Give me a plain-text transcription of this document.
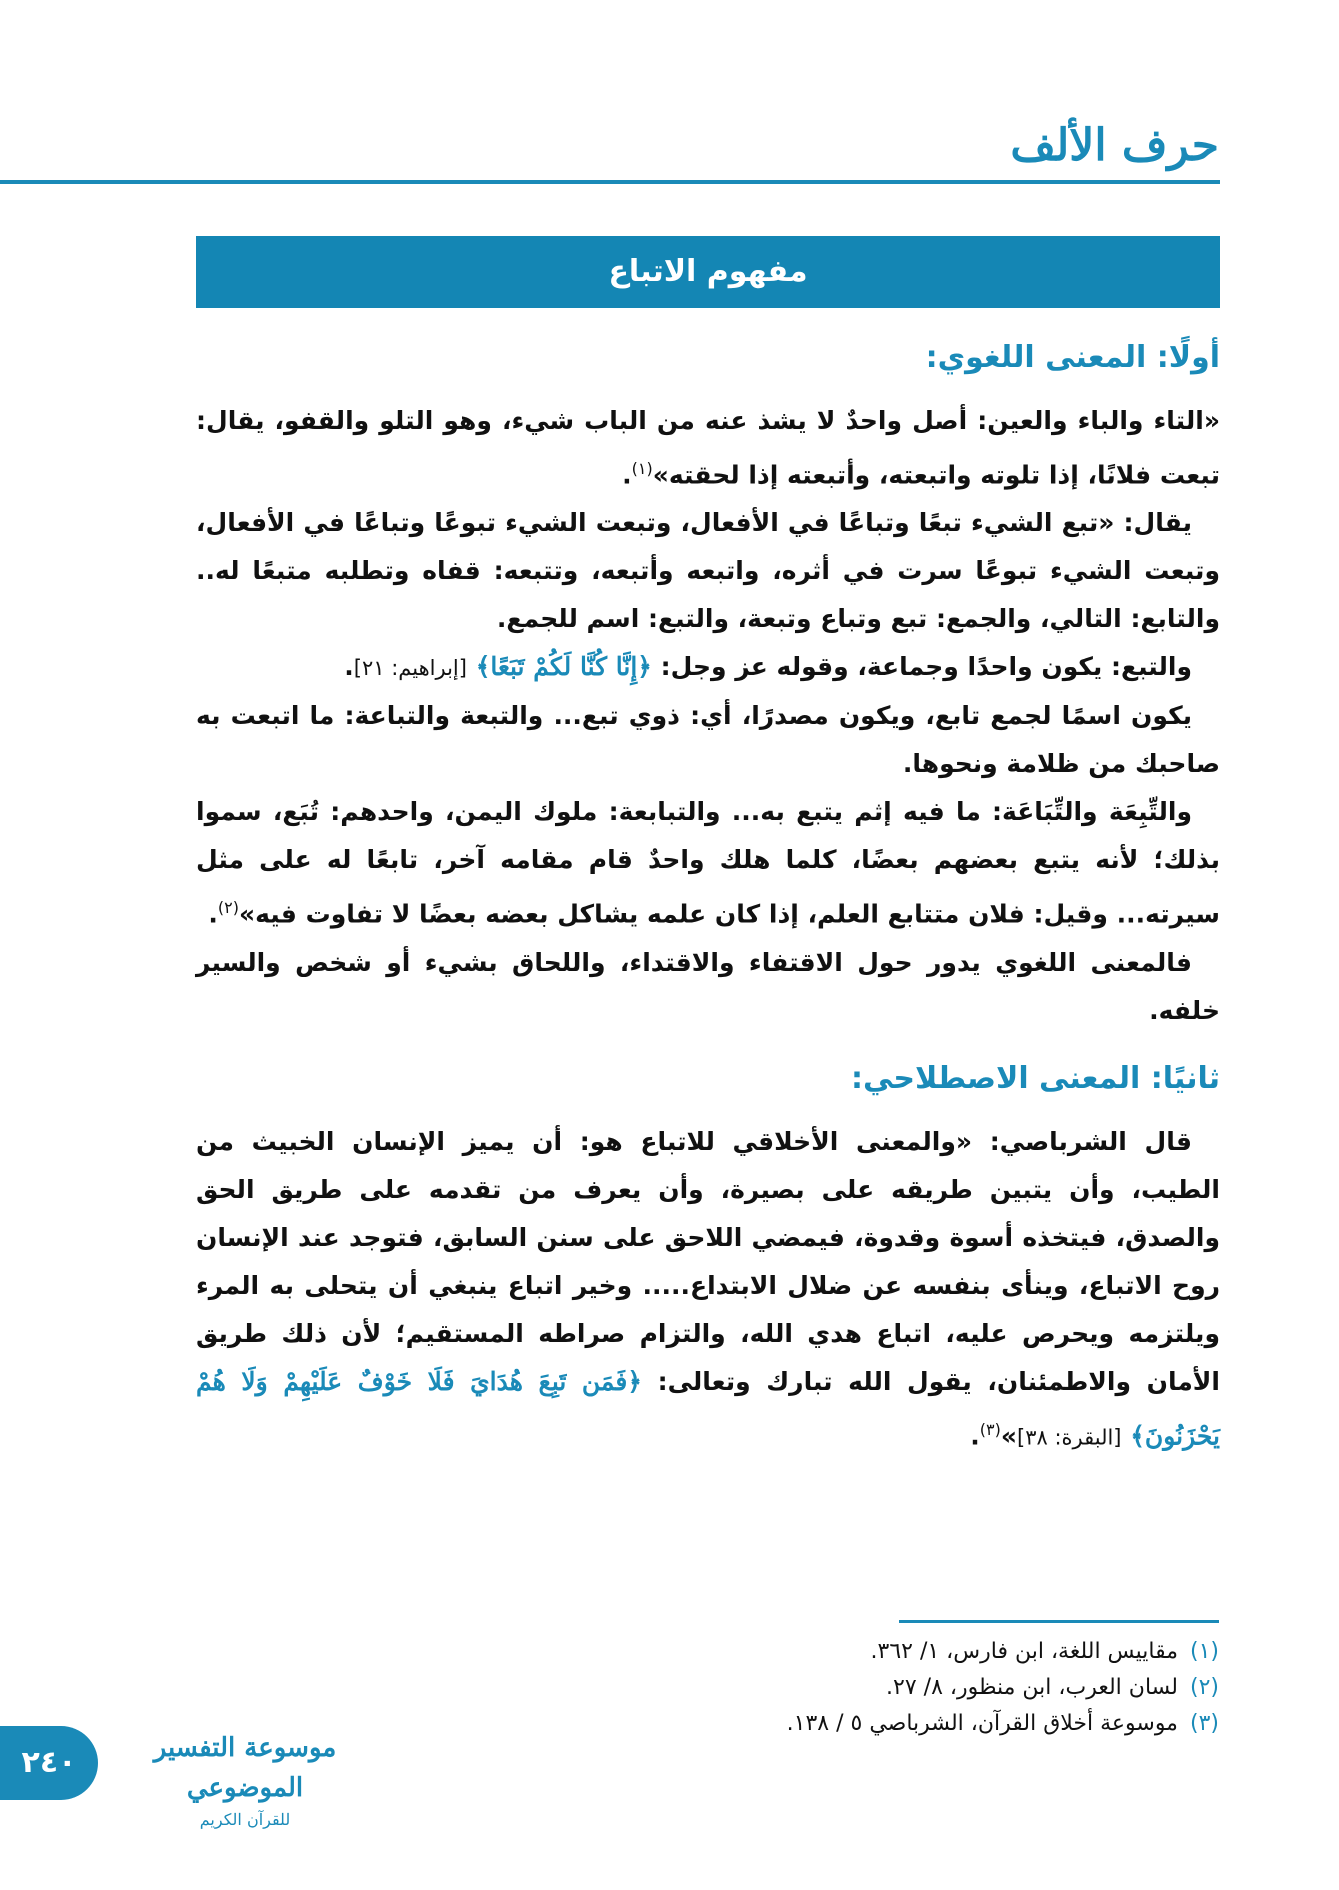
حرف الألف
مفهوم الاتباع
أولًا: المعنى اللغوي:

«التاء والباء والعين: أصل واحدٌ لا يشذ عنه من الباب شيء، وهو التلو والقفو، يقال: تبعت فلانًا، إذا تلوته واتبعته، وأتبعته إذا لحقته»$^{(١)}$.

يقال: «تبع الشيء تبعًا وتباعًا في الأفعال، وتبعت الشيء تبوعًا وتباعًا في الأفعال، وتبعت الشيء تبوعًا سرت في أثره، واتبعه وأتبعه، وتتبعه: قفاه وتطلبه متبعًا له.. والتابع: التالي، والجمع: تبع وتباع وتبعة، والتبع: اسم للجمع.

والتبع: يكون واحدًا وجماعة، وقوله عز وجل: ﴿إِنَّا كُنَّا لَكُمْ تَبَعًا﴾ [إبراهيم: ٢١].

يكون اسمًا لجمع تابع، ويكون مصدرًا، أي: ذوي تبع... والتبعة والتباعة: ما اتبعت به صاحبك من ظلامة ونحوها.

والتِّبِعَة والتِّبَاعَة: ما فيه إثم يتبع به... والتبابعة: ملوك اليمن، واحدهم: تُبَع، سموا بذلك؛ لأنه يتبع بعضهم بعضًا، كلما هلك واحدٌ قام مقامه آخر، تابعًا له على مثل سيرته... وقيل: فلان متتابع العلم، إذا كان علمه يشاكل بعضه بعضًا لا تفاوت فيه»$^{(٢)}$.

فالمعنى اللغوي يدور حول الاقتفاء والاقتداء، واللحاق بشيء أو شخص والسير خلفه.

ثانيًا: المعنى الاصطلاحي:

قال الشرباصي: «والمعنى الأخلاقي للاتباع هو: أن يميز الإنسان الخبيث من الطيب، وأن يتبين طريقه على بصيرة، وأن يعرف من تقدمه على طريق الحق والصدق، فيتخذه أسوة وقدوة، فيمضي اللاحق على سنن السابق، فتوجد عند الإنسان روح الاتباع، وينأى بنفسه عن ضلال الابتداع..... وخير اتباع ينبغي أن يتحلى به المرء ويلتزمه ويحرص عليه، اتباع هدي الله، والتزام صراطه المستقيم؛ لأن ذلك طريق الأمان والاطمئنان، يقول الله تبارك وتعالى: ﴿فَمَن تَبِعَ هُدَايَ فَلَا خَوْفٌ عَلَيْهِمْ وَلَا هُمْ يَحْزَنُونَ﴾ [البقرة: ٣٨]»$^{(٣)}$.

(١)
مقاييس اللغة، ابن فارس، ١/ ٣٦٢.
(٢)
لسان العرب، ابن منظور، ٨/ ٢٧.
(٣)
موسوعة أخلاق القرآن، الشرباصي ٥ / ١٣٨.
٢٤٠	موسوعة التفسير الموضوعي
للقرآن الكريم
